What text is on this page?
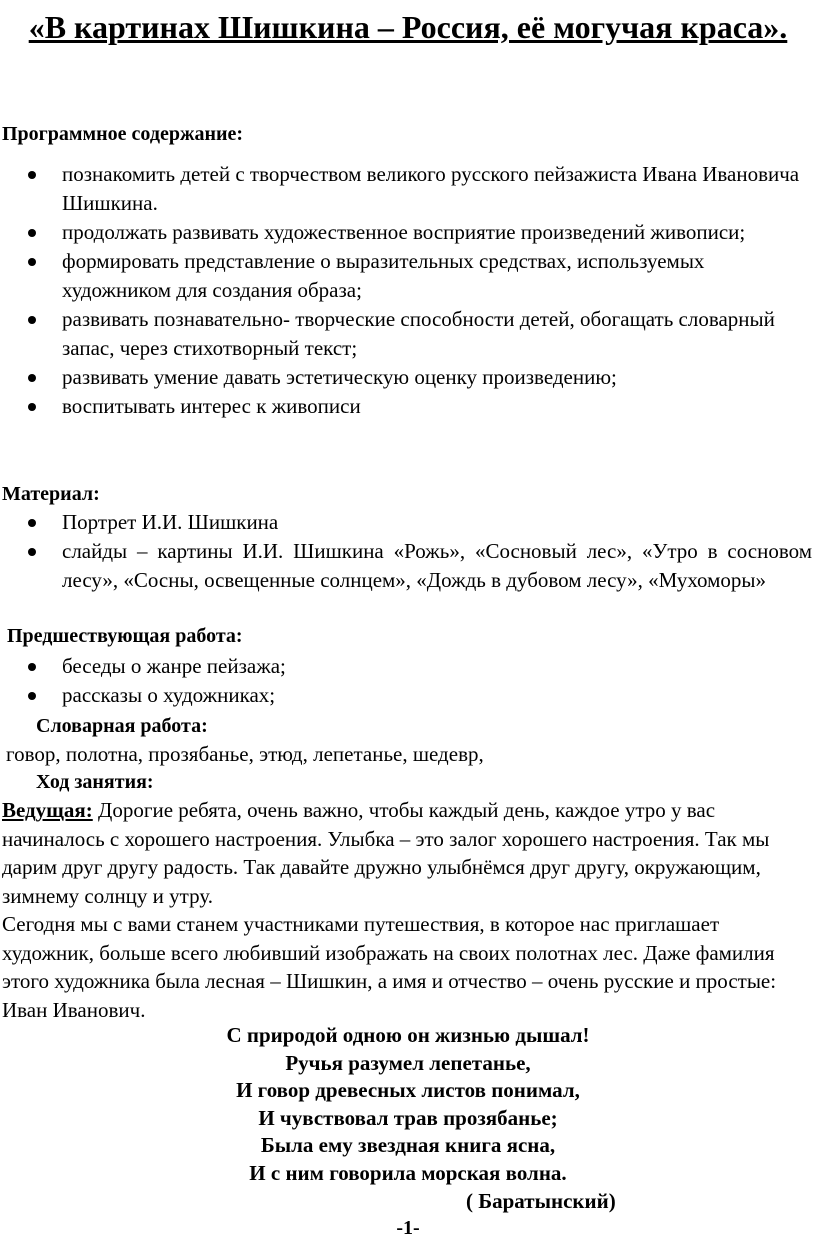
«В картинах Шишкина – Россия, её могучая краса».
Программное содержание:
познакомить детей с творчеством великого русского пейзажиста Ивана Ивановича Шишкина.
продолжать развивать художественное восприятие произведений живописи;
формировать представление о выразительных средствах, используемых художником для создания образа;
развивать познавательно- творческие способности детей, обогащать словарный запас, через стихотворный текст;
развивать умение давать эстетическую оценку произведению;
воспитывать интерес к живописи
Материал:
Портрет И.И. Шишкина
слайды – картины И.И. Шишкина «Рожь», «Сосновый лес», «Утро в сосновом лесу», «Сосны, освещенные солнцем», «Дождь в дубовом лесу», «Мухоморы»
Предшествующая работа:
беседы о жанре пейзажа;
рассказы о художниках;
Словарная работа:
говор, полотна, прозябанье, этюд, лепетанье, шедевр,
Ход занятия:
Ведущая: Дорогие ребята, очень важно, чтобы каждый день, каждое утро у вас начиналось с хорошего настроения. Улыбка – это залог хорошего настроения. Так мы дарим друг другу радость. Так давайте дружно улыбнёмся друг другу, окружающим, зимнему солнцу и утру.
Сегодня мы с вами станем участниками путешествия, в которое нас приглашает художник, больше всего любивший изображать на своих полотнах лес. Даже фамилия этого художника была лесная – Шишкин, а имя и отчество – очень русские и простые: Иван Иванович.
С природой одною он жизнью дышал!
Ручья разумел лепетанье,
И говор древесных листов понимал,
И чувствовал трав прозябанье;
Была ему звездная книга ясна,
И с ним говорила морская волна.
( Баратынский)
-1-
